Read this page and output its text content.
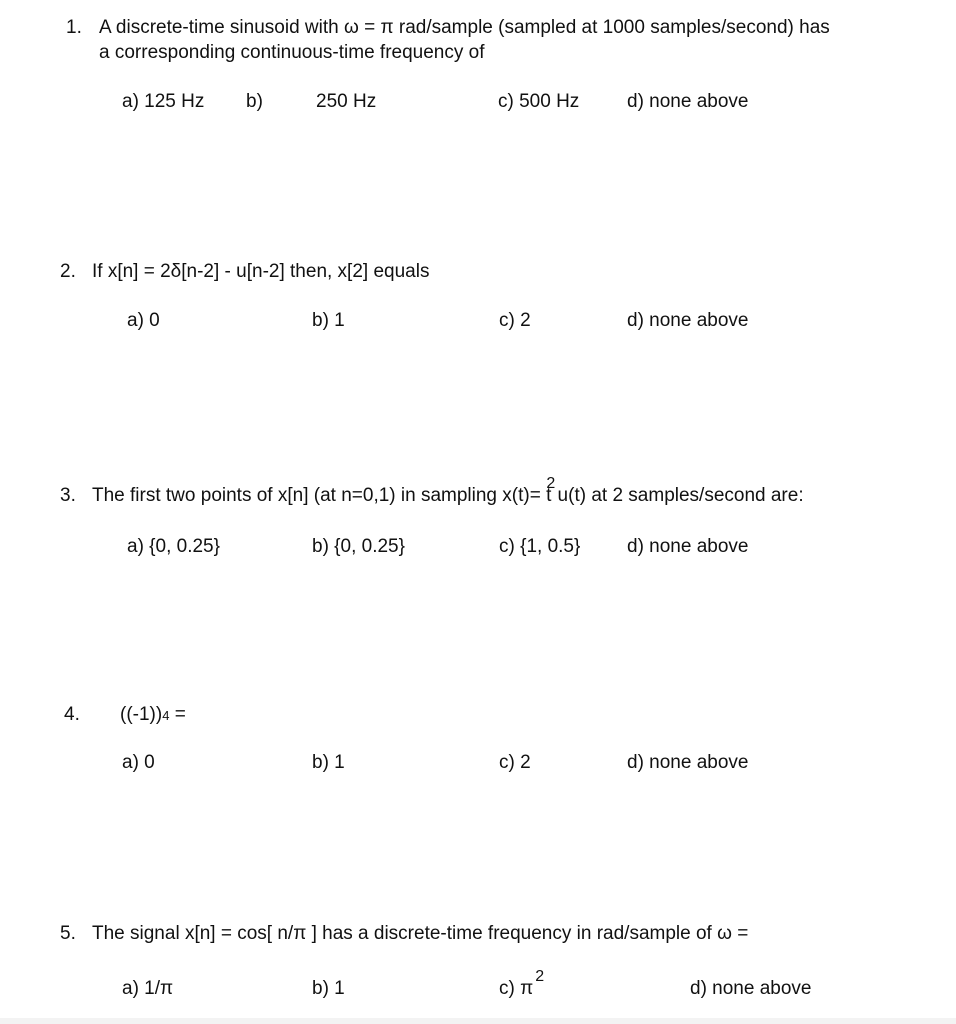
1. A discrete-time sinusoid with ω = π rad/sample (sampled at 1000 samples/second) has
a corresponding continuous-time frequency of
a) 125 Hz b)	250 Hz	c) 500 Hz	d) none above
2. If x[n] = 2δ[n-2] - u[n-2] then, x[2] equals
a) 0	b) 1	c) 2	d) none above
3. The first two points of x[n] (at n=0,1) in sampling $x(t)= t^2$ u(t) at 2 samples/second are:
a) {0, 0.25}	b) {0, 0.25}	c) {1, 0.5} d) none above
4. ((-1))4 =
a) 0	b) 1	c) 2	d) none above
5. The signal x[n] = cos[ n/π ] has a discrete-time frequency in rad/sample of ω =
a) 1/π	b) 1	c) $\pi^2$
d) none above
